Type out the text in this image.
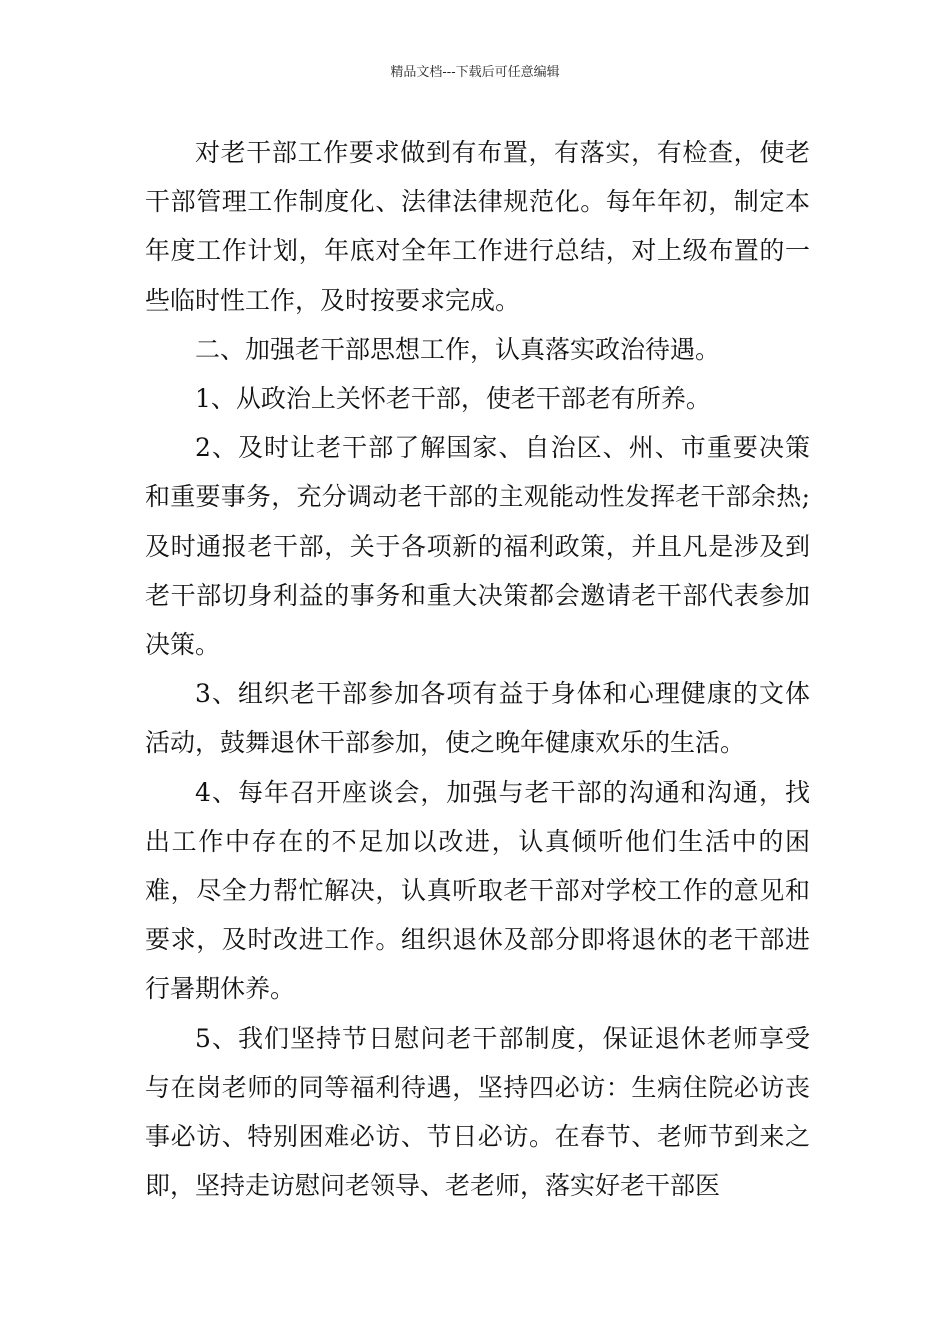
精品文档---下载后可任意编辑

对老干部工作要求做到有布置，有落实，有检查，使老干部管理工作制度化、法律法律规范化。每年年初，制定本年度工作计划，年底对全年工作进行总结，对上级布置的一些临时性工作，及时按要求完成。

二、加强老干部思想工作，认真落实政治待遇。

1、从政治上关怀老干部，使老干部老有所养。

2、及时让老干部了解国家、自治区、州、市重要决策和重要事务，充分调动老干部的主观能动性发挥老干部余热;及时通报老干部，关于各项新的福利政策，并且凡是涉及到老干部切身利益的事务和重大决策都会邀请老干部代表参加决策。

3、组织老干部参加各项有益于身体和心理健康的文体活动，鼓舞退休干部参加，使之晚年健康欢乐的生活。

4、每年召开座谈会，加强与老干部的沟通和沟通，找出工作中存在的不足加以改进，认真倾听他们生活中的困难，尽全力帮忙解决，认真听取老干部对学校工作的意见和要求，及时改进工作。组织退休及部分即将退休的老干部进行暑期休养。

5、我们坚持节日慰问老干部制度，保证退休老师享受与在岗老师的同等福利待遇，坚持四必访：生病住院必访丧事必访、特别困难必访、节日必访。在春节、老师节到来之即，坚持走访慰问老领导、老老师，落实好老干部医
